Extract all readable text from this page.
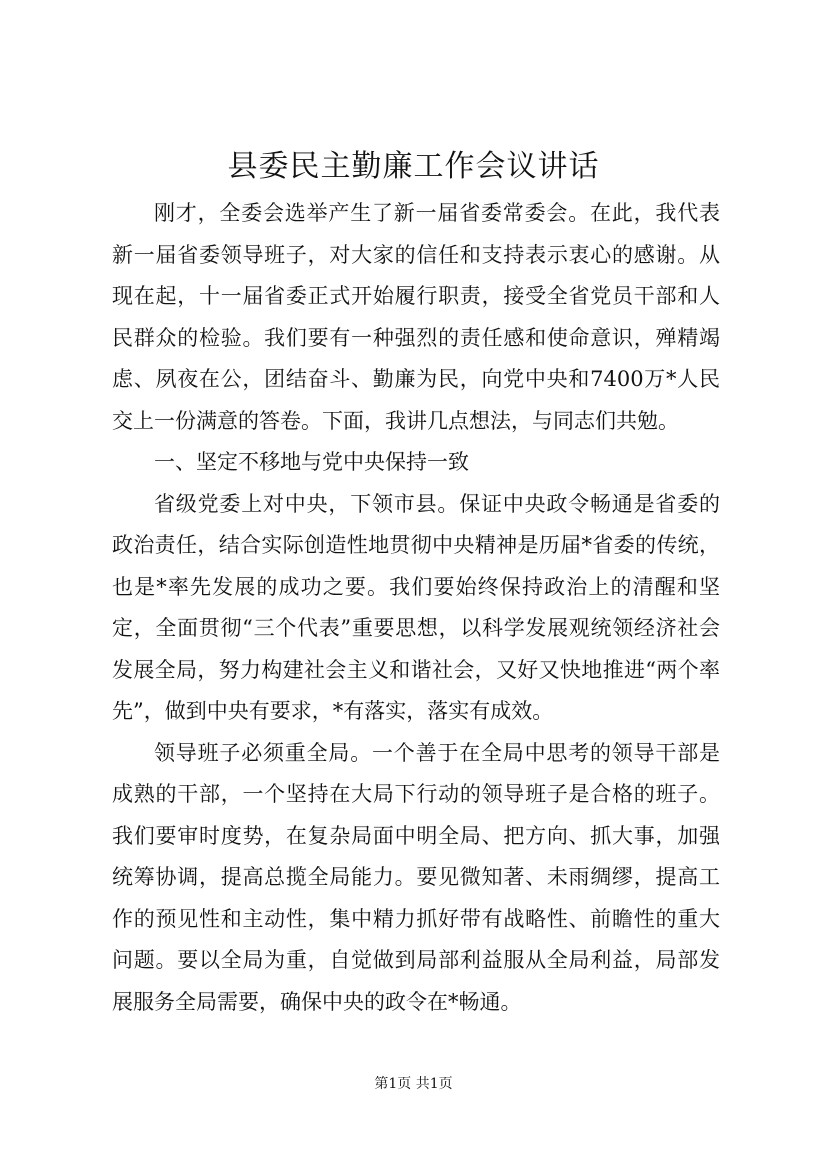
县委民主勤廉工作会议讲话

刚才，全委会选举产生了新一届省委常委会。在此，我代表新一届省委领导班子，对大家的信任和支持表示衷心的感谢。从现在起，十一届省委正式开始履行职责，接受全省党员干部和人民群众的检验。我们要有一种强烈的责任感和使命意识，殚精竭虑、夙夜在公，团结奋斗、勤廉为民，向党中央和7400万*人民交上一份满意的答卷。下面，我讲几点想法，与同志们共勉。

一、坚定不移地与党中央保持一致

省级党委上对中央，下领市县。保证中央政令畅通是省委的政治责任，结合实际创造性地贯彻中央精神是历届*省委的传统，也是*率先发展的成功之要。我们要始终保持政治上的清醒和坚定，全面贯彻“三个代表”重要思想，以科学发展观统领经济社会发展全局，努力构建社会主义和谐社会，又好又快地推进“两个率先”，做到中央有要求，*有落实，落实有成效。

领导班子必须重全局。一个善于在全局中思考的领导干部是成熟的干部，一个坚持在大局下行动的领导班子是合格的班子。我们要审时度势，在复杂局面中明全局、把方向、抓大事，加强统筹协调，提高总揽全局能力。要见微知著、未雨绸缪，提高工作的预见性和主动性，集中精力抓好带有战略性、前瞻性的重大问题。要以全局为重，自觉做到局部利益服从全局利益，局部发展服务全局需要，确保中央的政令在*畅通。

第1页 共1页
